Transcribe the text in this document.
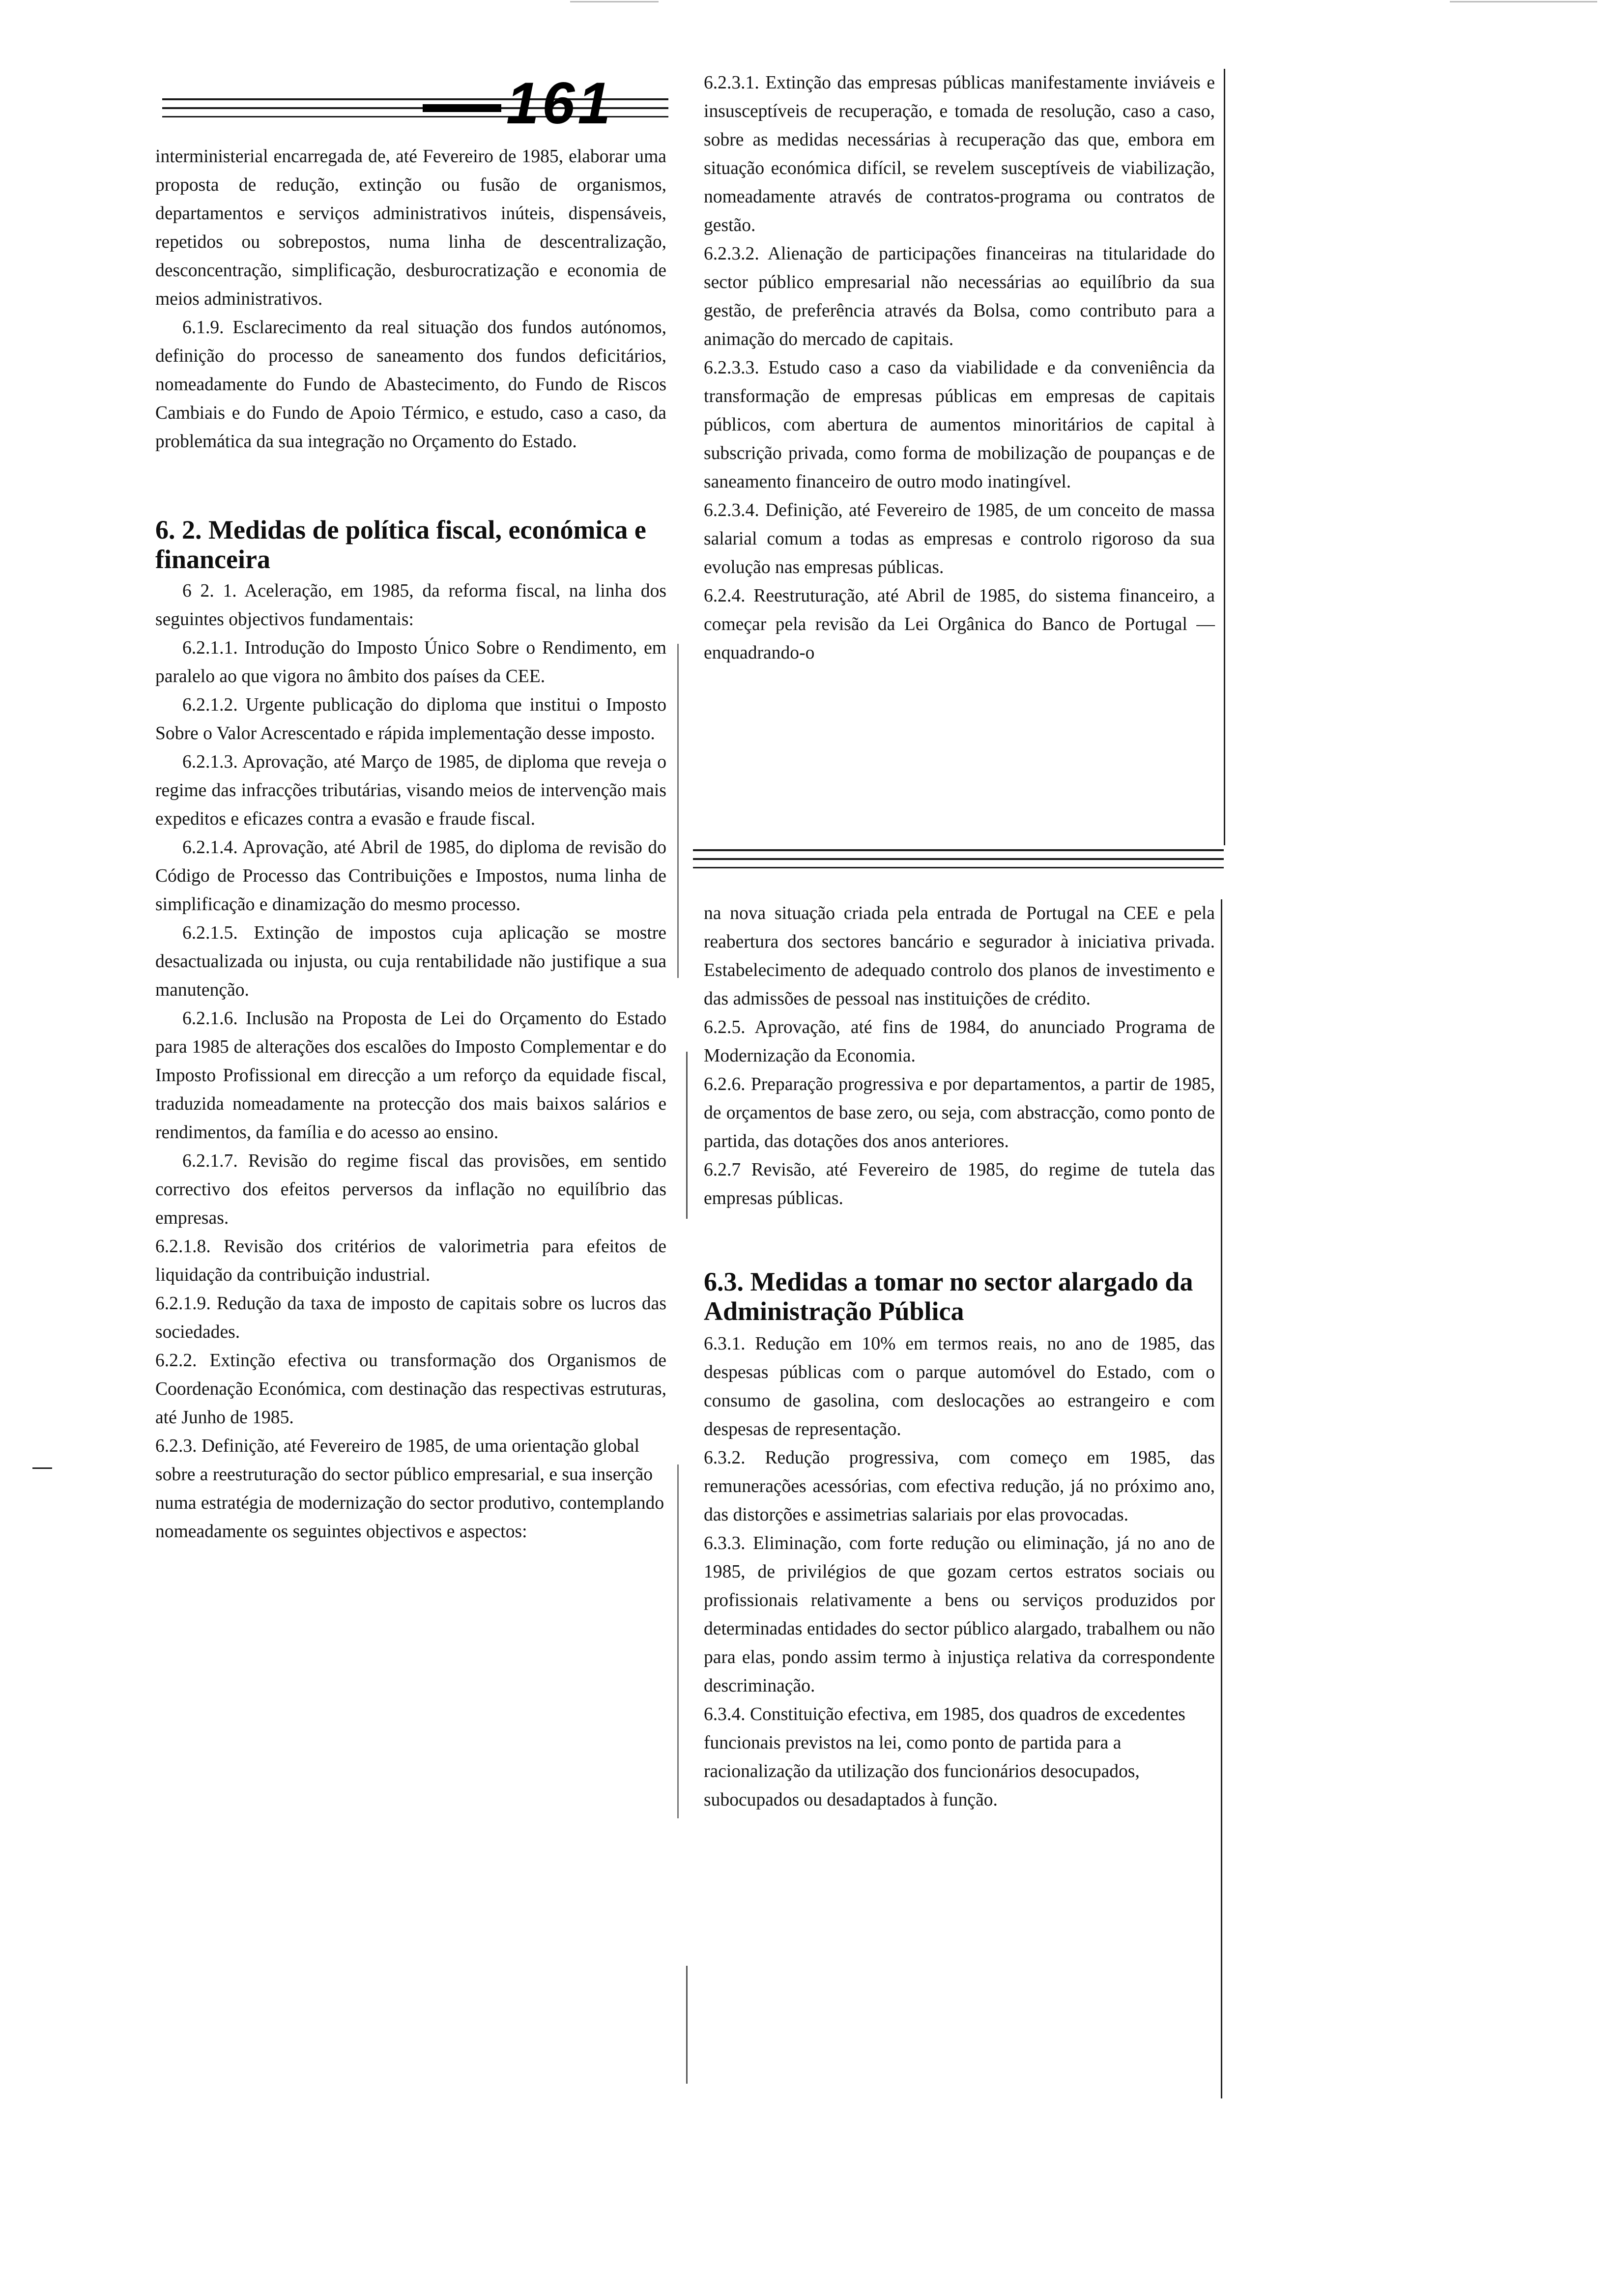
161

interministerial encarregada de, até Fevereiro de 1985, elaborar uma proposta de redução, extinção ou fusão de organismos, departamentos e serviços administrativos inúteis, dispensáveis, repetidos ou sobrepostos, numa linha de descentralização, desconcentração, simplificação, desburocratização e economia de meios administrativos.

6.1.9. Esclarecimento da real situação dos fundos autónomos, definição do processo de saneamento dos fundos deficitários, nomeadamente do Fundo de Abastecimento, do Fundo de Riscos Cambiais e do Fundo de Apoio Térmico, e estudo, caso a caso, da problemática da sua integração no Orçamento do Estado.

6. 2. Medidas de política fiscal, económica e financeira

6 2. 1. Aceleração, em 1985, da reforma fiscal, na linha dos seguintes objectivos fundamentais:

6.2.1.1. Introdução do Imposto Único Sobre o Rendimento, em paralelo ao que vigora no âmbito dos países da CEE.

6.2.1.2. Urgente publicação do diploma que institui o Imposto Sobre o Valor Acrescentado e rápida implementação desse imposto.

6.2.1.3. Aprovação, até Março de 1985, de diploma que reveja o regime das infracções tributárias, visando meios de intervenção mais expeditos e eficazes contra a evasão e fraude fiscal.

6.2.1.4. Aprovação, até Abril de 1985, do diploma de revisão do Código de Processo das Contribuições e Impostos, numa linha de simplificação e dinamização do mesmo processo.

6.2.1.5. Extinção de impostos cuja aplicação se mostre desactualizada ou injusta, ou cuja rentabilidade não justifique a sua manutenção.

6.2.1.6. Inclusão na Proposta de Lei do Orçamento do Estado para 1985 de alterações dos escalões do Imposto Complementar e do Imposto Profissional em direcção a um reforço da equidade fiscal, traduzida nomeadamente na protecção dos mais baixos salários e rendimentos, da família e do acesso ao ensino.

6.2.1.7. Revisão do regime fiscal das provisões, em sentido correctivo dos efeitos perversos da inflação no equilíbrio das empresas.

6.2.1.8. Revisão dos critérios de valorimetria para efeitos de liquidação da contribuição industrial.

6.2.1.9. Redução da taxa de imposto de capitais sobre os lucros das sociedades.

6.2.2. Extinção efectiva ou transformação dos Organismos de Coordenação Económica, com destinação das respectivas estruturas, até Junho de 1985.

6.2.3. Definição, até Fevereiro de 1985, de uma orientação global sobre a reestruturação do sector público empresarial, e sua inserção numa estratégia de modernização do sector produtivo, contemplando nomeadamente os seguintes objectivos e aspectos:

6.2.3.1. Extinção das empresas públicas manifestamente inviáveis e insusceptíveis de recuperação, e tomada de resolução, caso a caso, sobre as medidas necessárias à recuperação das que, embora em situação económica difícil, se revelem susceptíveis de viabilização, nomeadamente através de contratos-programa ou contratos de gestão.

6.2.3.2. Alienação de participações financeiras na titularidade do sector público empresarial não necessárias ao equilíbrio da sua gestão, de preferência através da Bolsa, como contributo para a animação do mercado de capitais.

6.2.3.3. Estudo caso a caso da viabilidade e da conveniência da transformação de empresas públicas em empresas de capitais públicos, com abertura de aumentos minoritários de capital à subscrição privada, como forma de mobilização de poupanças e de saneamento financeiro de outro modo inatingível.

6.2.3.4. Definição, até Fevereiro de 1985, de um conceito de massa salarial comum a todas as empresas e controlo rigoroso da sua evolução nas empresas públicas.

6.2.4. Reestruturação, até Abril de 1985, do sistema financeiro, a começar pela revisão da Lei Orgânica do Banco de Portugal — enquadrando-o

na nova situação criada pela entrada de Portugal na CEE e pela reabertura dos sectores bancário e segurador à iniciativa privada. Estabelecimento de adequado controlo dos planos de investimento e das admissões de pessoal nas instituições de crédito.

6.2.5. Aprovação, até fins de 1984, do anunciado Programa de Modernização da Economia.

6.2.6. Preparação progressiva e por departamentos, a partir de 1985, de orçamentos de base zero, ou seja, com abstracção, como ponto de partida, das dotações dos anos anteriores.

6.2.7 Revisão, até Fevereiro de 1985, do regime de tutela das empresas públicas.

6.3. Medidas a tomar no sector alargado da Administração Pública

6.3.1. Redução em 10% em termos reais, no ano de 1985, das despesas públicas com o parque automóvel do Estado, com o consumo de gasolina, com deslocações ao estrangeiro e com despesas de representação.

6.3.2. Redução progressiva, com começo em 1985, das remunerações acessórias, com efectiva redução, já no próximo ano, das distorções e assimetrias salariais por elas provocadas.

6.3.3. Eliminação, com forte redução ou eliminação, já no ano de 1985, de privilégios de que gozam certos estratos sociais ou profissionais relativamente a bens ou serviços produzidos por determinadas entidades do sector público alargado, trabalhem ou não para elas, pondo assim termo à injustiça relativa da correspondente descriminação.

6.3.4. Constituição efectiva, em 1985, dos quadros de excedentes funcionais previstos na lei, como ponto de partida para a racionalização da utilização dos funcionários desocupados, subocupados ou desadaptados à função.
